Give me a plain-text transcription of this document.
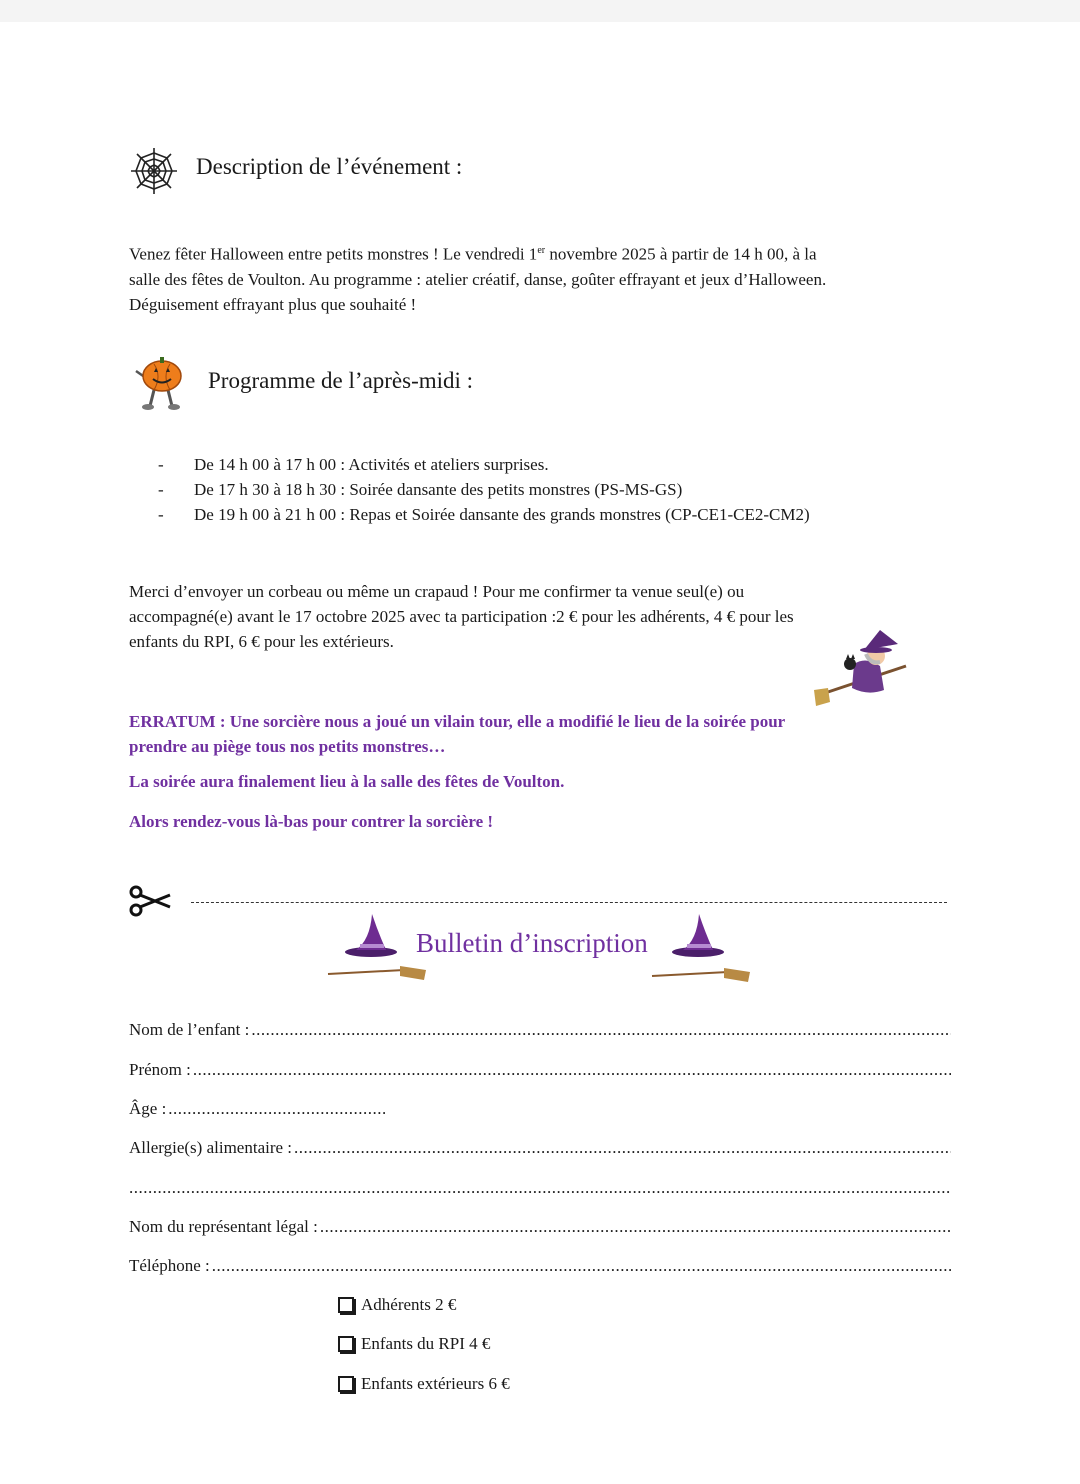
Description de l’événement :
Venez fêter Halloween entre petits monstres ! Le vendredi 1er novembre 2025 à partir de 14 h 00, à la
salle des fêtes de Voulton. Au programme : atelier créatif, danse, goûter effrayant et jeux d’Halloween.
Déguisement effrayant plus que souhaité !
Programme de l’après-midi :
-	De 14 h 00 à 17 h 00 : Activités et ateliers surprises.
-	De 17 h 30 à 18 h 30 : Soirée dansante des petits monstres (PS-MS-GS)
-	De 19 h 00 à 21 h 00 : Repas et Soirée dansante des grands monstres (CP-CE1-CE2-CM2)
Merci d’envoyer un corbeau ou même un crapaud ! Pour me confirmer ta venue seul(e) ou
accompagné(e) avant le 17 octobre 2025 avec ta participation :2 € pour les adhérents, 4 € pour les
enfants du RPI, 6 € pour les extérieurs.
ERRATUM : Une sorcière nous a joué un vilain tour, elle a modifié le lieu de la soirée pour
prendre au piège tous nos petits monstres…
La soirée aura finalement lieu à la salle des fêtes de Voulton.
Alors rendez-vous là-bas pour contrer la sorcière !
Bulletin d’inscription
Nom de l’enfant :
.....
Prénom :
.....
Âge :
.....
Allergie(s) alimentaire :
.....
.....
Nom du représentant légal :
.....
Téléphone :
.....
Adhérents 2 €
Enfants du RPI 4 €
Enfants extérieurs 6 €
